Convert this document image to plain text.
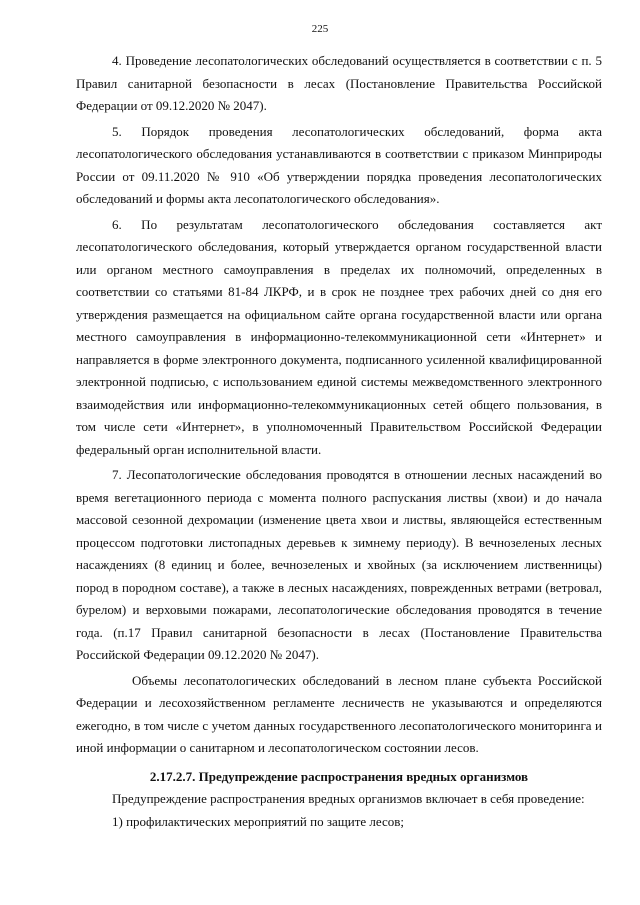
225

4. Проведение лесопатологических обследований осуществляется в соответствии с п. 5 Правил санитарной безопасности в лесах (Постановление Правительства Российской Федерации от 09.12.2020 № 2047).

5. Порядок проведения лесопатологических обследований, форма акта лесопатологического обследования устанавливаются в соответствии с приказом Минприроды России от 09.11.2020 № 910 «Об утверждении порядка проведения лесопатологических обследований и формы акта лесопатологического обследования».

6. По результатам лесопатологического обследования составляется акт лесопатологического обследования, который утверждается органом государственной власти или органом местного самоуправления в пределах их полномочий, определенных в соответствии со статьями 81-84 ЛКРФ, и в срок не позднее трех рабочих дней со дня его утверждения размещается на официальном сайте органа государственной власти или органа местного самоуправления в информационно-телекоммуникационной сети «Интернет» и направляется в форме электронного документа, подписанного усиленной квалифицированной электронной подписью, с использованием единой системы межведомственного электронного взаимодействия или информационно-телекоммуникационных сетей общего пользования, в том числе сети «Интернет», в уполномоченный Правительством Российской Федерации федеральный орган исполнительной власти.

7. Лесопатологические обследования проводятся в отношении лесных насаждений во время вегетационного периода с момента полного распускания листвы (хвои) и до начала массовой сезонной дехромации (изменение цвета хвои и листвы, являющейся естественным процессом подготовки листопадных деревьев к зимнему периоду). В вечнозеленых лесных насаждениях (8 единиц и более, вечнозеленых и хвойных (за исключением лиственницы) пород в породном составе), а также в лесных насаждениях, поврежденных ветрами (ветровал, бурелом) и верховыми пожарами, лесопатологические обследования проводятся в течение года. (п.17 Правил санитарной безопасности в лесах (Постановление Правительства Российской Федерации 09.12.2020 № 2047).

Объемы лесопатологических обследований в лесном плане субъекта Российской Федерации и лесохозяйственном регламенте лесничеств не указываются и определяются ежегодно, в том числе с учетом данных государственного лесопатологического мониторинга и иной информации о санитарном и лесопатологическом состоянии лесов.

2.17.2.7. Предупреждение распространения вредных организмов

Предупреждение распространения вредных организмов включает в себя проведение:

1) профилактических мероприятий по защите лесов;
